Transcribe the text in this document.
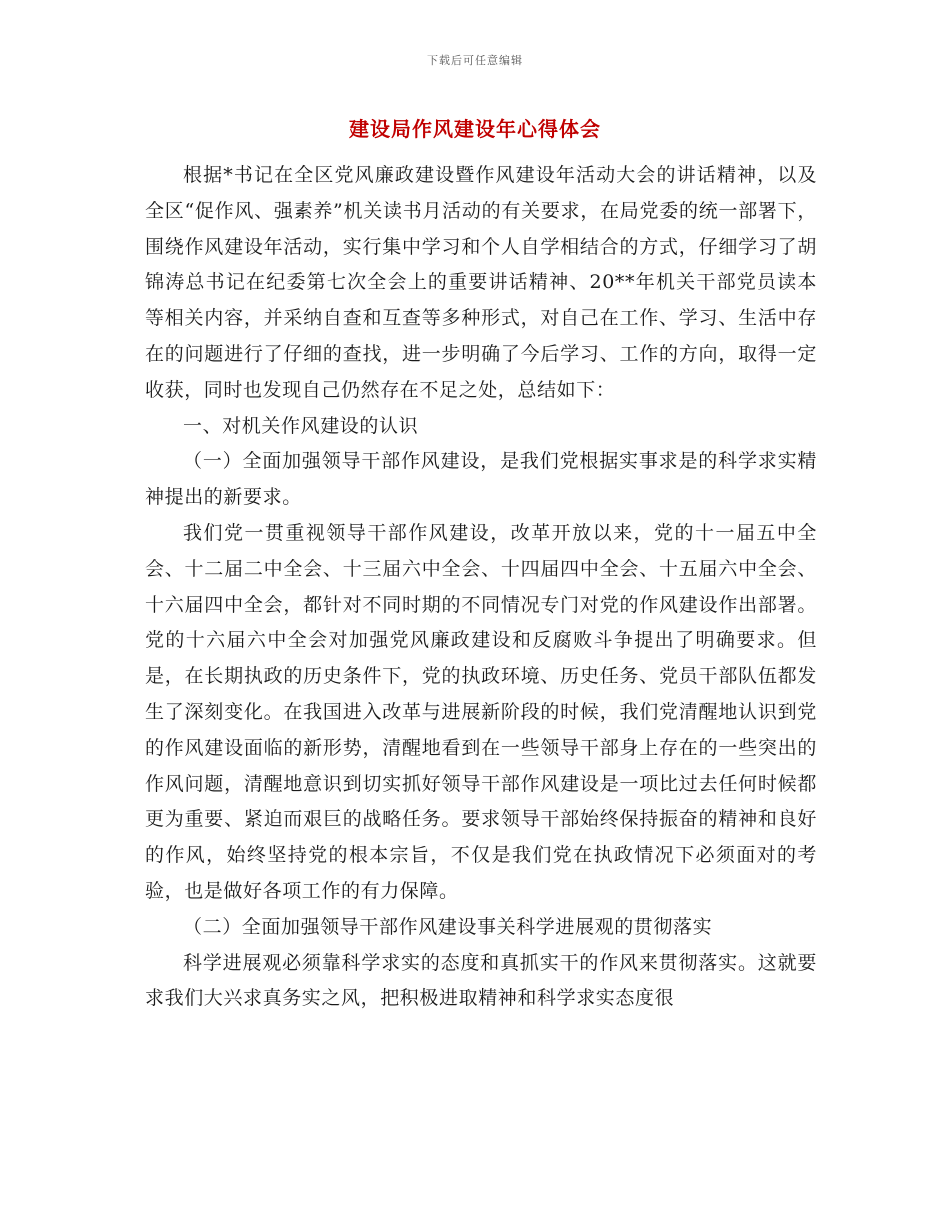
下载后可任意编辑
建设局作风建设年心得体会

根据*书记在全区党风廉政建设暨作风建设年活动大会的讲话精神，以及全区“促作风、强素养”机关读书月活动的有关要求，在局党委的统一部署下，围绕作风建设年活动，实行集中学习和个人自学相结合的方式，仔细学习了胡锦涛总书记在纪委第七次全会上的重要讲话精神、20**年机关干部党员读本等相关内容，并采纳自查和互查等多种形式，对自己在工作、学习、生活中存在的问题进行了仔细的查找，进一步明确了今后学习、工作的方向，取得一定收获，同时也发现自己仍然存在不足之处，总结如下：

一、对机关作风建设的认识

（一）全面加强领导干部作风建设，是我们党根据实事求是的科学求实精神提出的新要求。

我们党一贯重视领导干部作风建设，改革开放以来，党的十一届五中全会、十二届二中全会、十三届六中全会、十四届四中全会、十五届六中全会、十六届四中全会，都针对不同时期的不同情况专门对党的作风建设作出部署。党的十六届六中全会对加强党风廉政建设和反腐败斗争提出了明确要求。但是，在长期执政的历史条件下，党的执政环境、历史任务、党员干部队伍都发生了深刻变化。在我国进入改革与进展新阶段的时候，我们党清醒地认识到党的作风建设面临的新形势，清醒地看到在一些领导干部身上存在的一些突出的作风问题，清醒地意识到切实抓好领导干部作风建设是一项比过去任何时候都更为重要、紧迫而艰巨的战略任务。要求领导干部始终保持振奋的精神和良好的作风，始终坚持党的根本宗旨，不仅是我们党在执政情况下必须面对的考验，也是做好各项工作的有力保障。

（二）全面加强领导干部作风建设事关科学进展观的贯彻落实

科学进展观必须靠科学求实的态度和真抓实干的作风来贯彻落实。这就要求我们大兴求真务实之风，把积极进取精神和科学求实态度很
